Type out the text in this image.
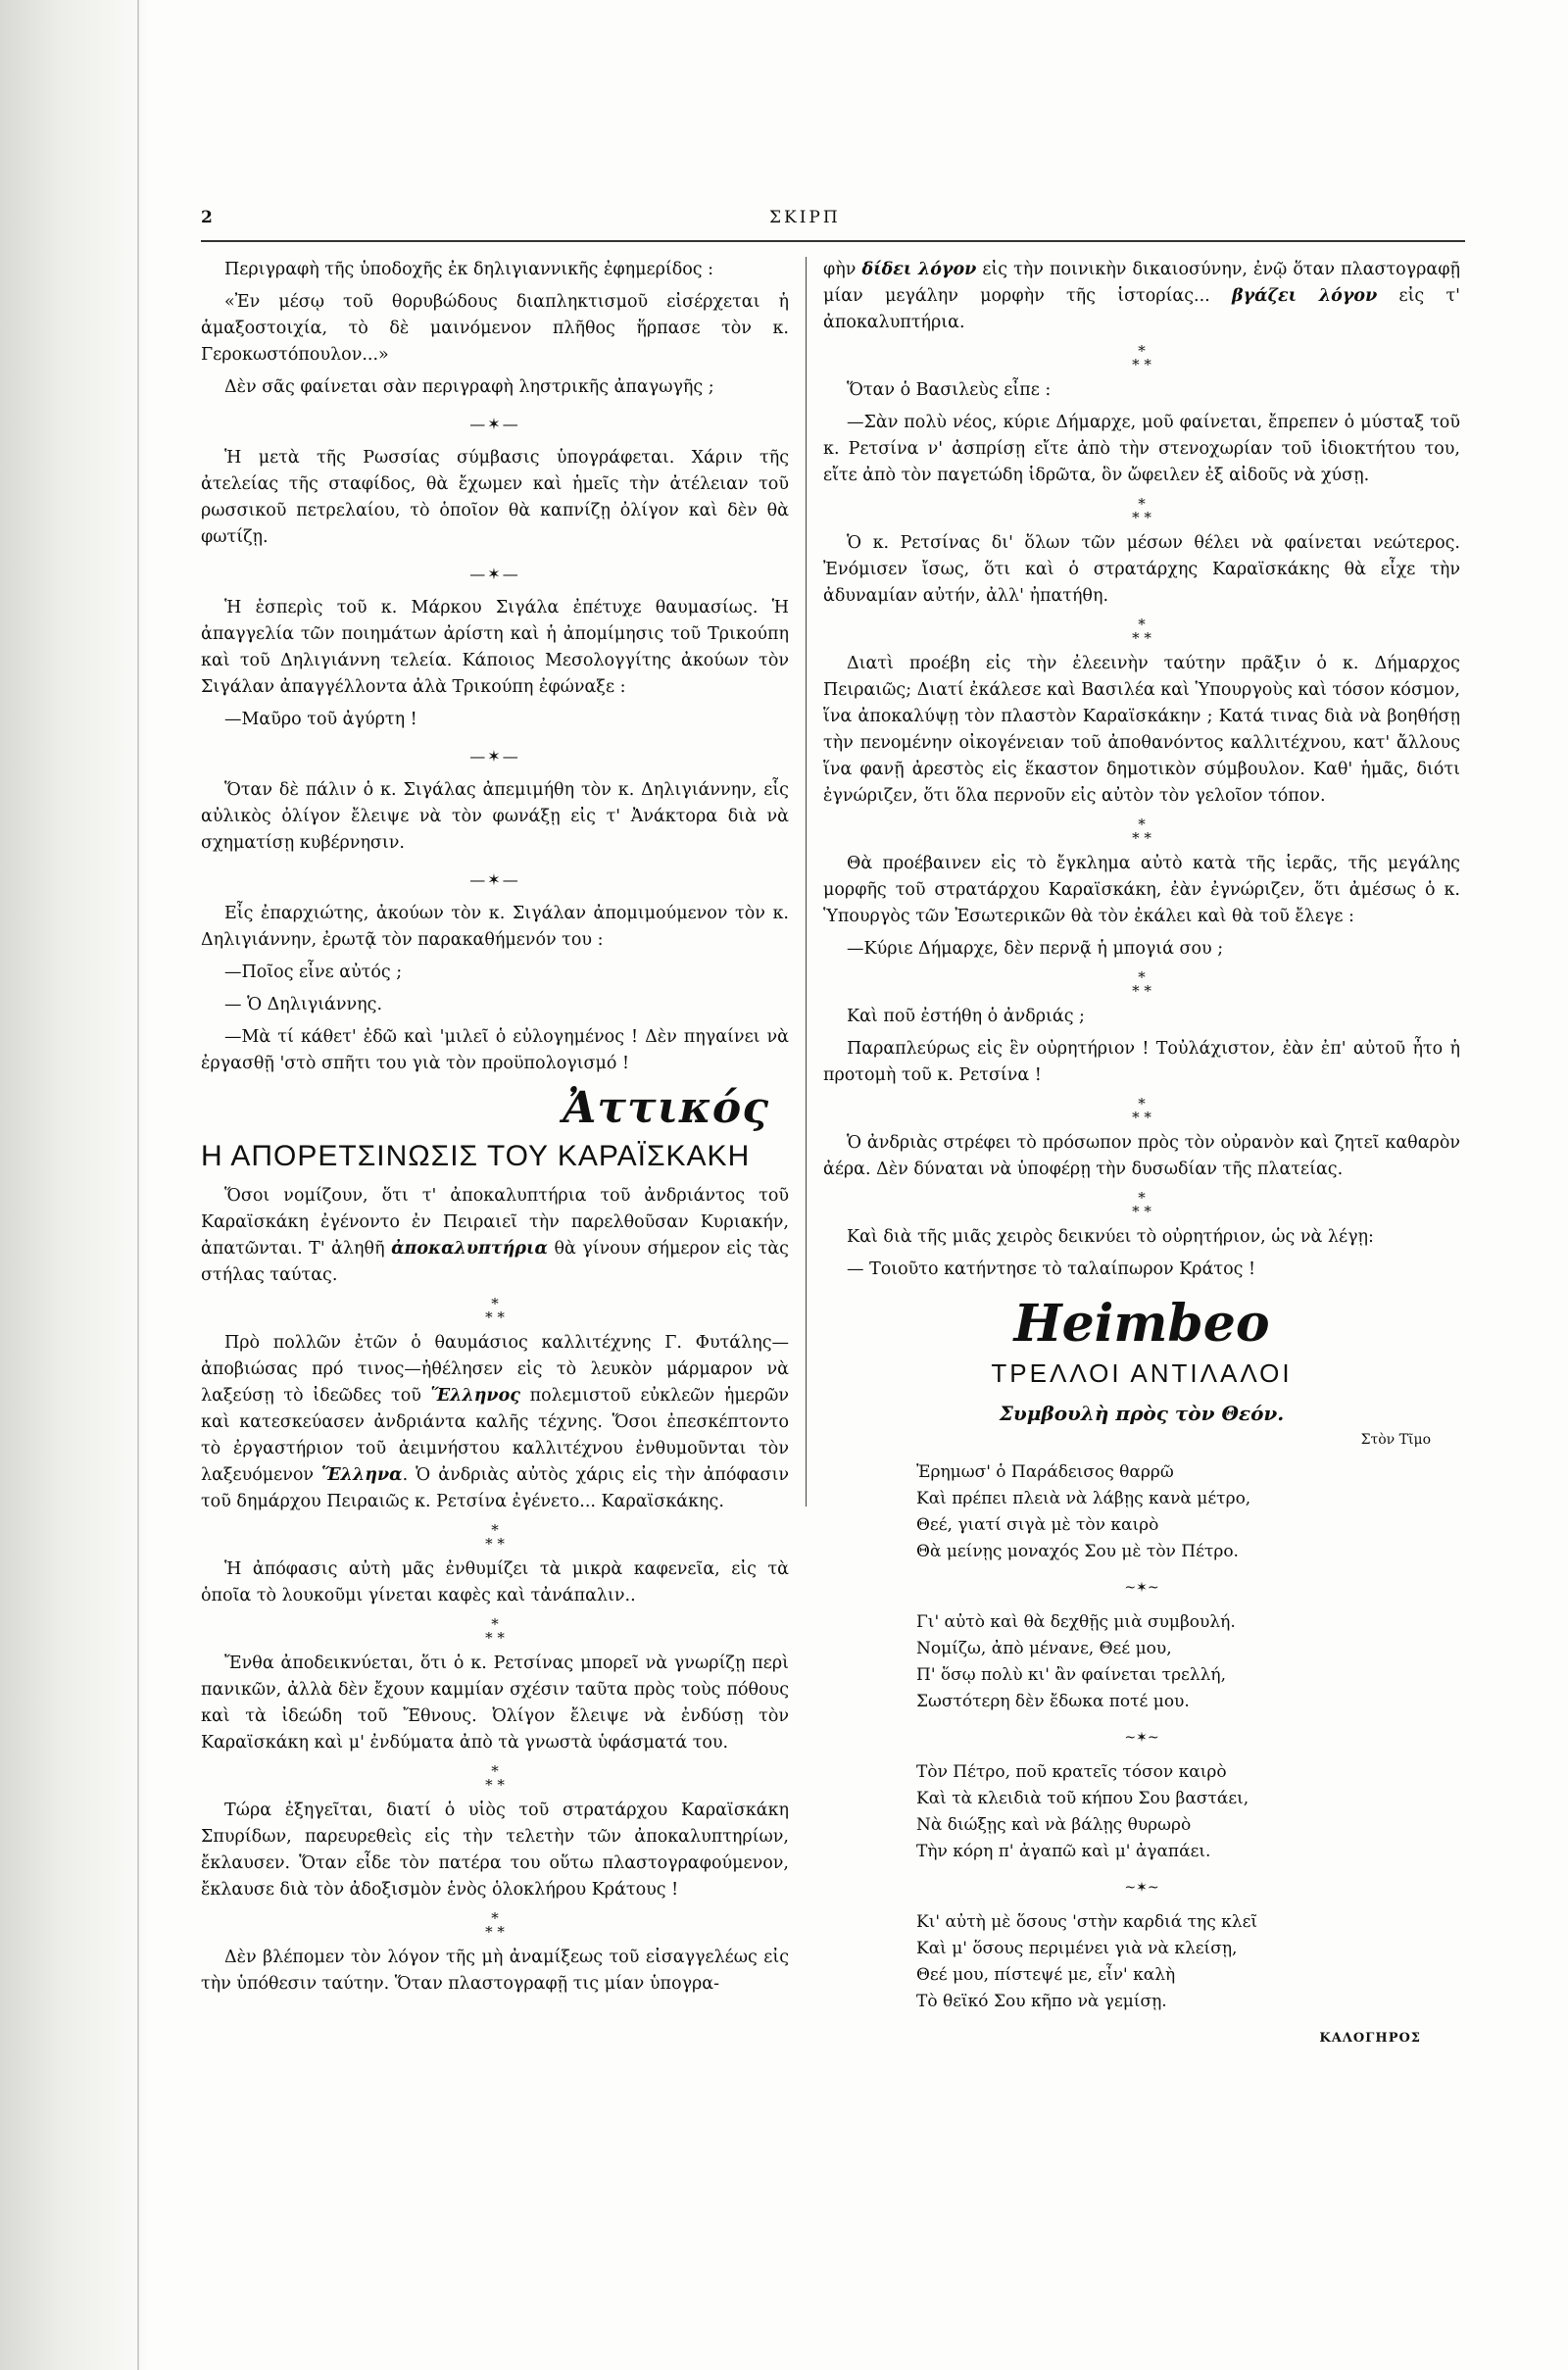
2	ΣΚΙΡΠ

Περιγραφὴ τῆς ὑποδοχῆς ἐκ δηλιγιαννικῆς ἐφημερίδος :

«Ἐν μέσῳ τοῦ θορυβώδους διαπληκτισμοῦ εἰσέρχεται ἡ ἁμαξοστοιχία, τὸ δὲ μαινόμενον πλῆθος ἥρπασε τὸν κ. Γεροκωστόπουλον...»

Δὲν σᾶς φαίνεται σὰν περιγραφὴ ληστρικῆς ἀπαγωγῆς ;

—✶—

Ἡ μετὰ τῆς Ρωσσίας σύμβασις ὑπογράφεται. Χάριν τῆς ἀτελείας τῆς σταφίδος, θὰ ἔχωμεν καὶ ἡμεῖς τὴν ἀτέλειαν τοῦ ρωσσικοῦ πετρελαίου, τὸ ὁποῖον θὰ καπνίζῃ ὀλίγον καὶ δὲν θὰ φωτίζῃ.

—✶—

Ἡ ἑσπερὶς τοῦ κ. Μάρκου Σιγάλα ἐπέτυχε θαυμασίως. Ἡ ἀπαγγελία τῶν ποιημάτων ἀρίστη καὶ ἡ ἀπομίμησις τοῦ Τρικούπη καὶ τοῦ Δηλιγιάννη τελεία. Κάποιος Μεσολογγίτης ἀκούων τὸν Σιγάλαν ἀπαγγέλλοντα ἀλὰ Τρικούπη ἐφώναξε :

—Μαῦρο τοῦ ἀγύρτη !

—✶—

Ὅταν δὲ πάλιν ὁ κ. Σιγάλας ἀπεμιμήθη τὸν κ. Δηλιγιάννην, εἷς αὐλικὸς ὀλίγον ἔλειψε νὰ τὸν φωνάξῃ εἰς τ' Ἀνάκτορα διὰ νὰ σχηματίσῃ κυβέρνησιν.

—✶—

Εἷς ἐπαρχιώτης, ἀκούων τὸν κ. Σιγάλαν ἀπομιμούμενον τὸν κ. Δηλιγιάννην, ἐρωτᾷ τὸν παρακαθήμενόν του :

—Ποῖος εἶνε αὐτός ;

— Ὁ Δηλιγιάννης.

—Μὰ τί κάθετ' ἐδῶ καὶ 'μιλεῖ ὁ εὐλογημένος ! Δὲν πηγαίνει νὰ ἐργασθῇ 'στὸ σπῆτι του γιὰ τὸν προϋπολογισμό !

Ἀττικός
Η ΑΠΟΡΕΤΣΙΝΩΣΙΣ ΤΟΥ ΚΑΡΑΪΣΚΑΚΗ

Ὅσοι νομίζουν, ὅτι τ' ἀποκαλυπτήρια τοῦ ἀνδριάντος τοῦ Καραϊσκάκη ἐγένοντο ἐν Πειραιεῖ τὴν παρελθοῦσαν Κυριακήν, ἀπατῶνται. Τ' ἀληθῆ ἀποκαλυπτήρια θὰ γίνουν σήμερον εἰς τὰς στήλας ταύτας.

*
* *

Πρὸ πολλῶν ἐτῶν ὁ θαυμάσιος καλλιτέχνης Γ. Φυτάλης—ἀποβιώσας πρό τινος—ἠθέλησεν εἰς τὸ λευκὸν μάρμαρον νὰ λαξεύσῃ τὸ ἰδεῶδες τοῦ Ἕλληνος πολεμιστοῦ εὐκλεῶν ἡμερῶν καὶ κατεσκεύασεν ἀνδριάντα καλῆς τέχνης. Ὅσοι ἐπεσκέπτοντο τὸ ἐργαστήριον τοῦ ἀειμνήστου καλλιτέχνου ἐνθυμοῦνται τὸν λαξευόμενον Ἕλληνα. Ὁ ἀνδριὰς αὐτὸς χάρις εἰς τὴν ἀπόφασιν τοῦ δημάρχου Πειραιῶς κ. Ρετσίνα ἐγένετο... Καραϊσκάκης.

*
* *

Ἡ ἀπόφασις αὐτὴ μᾶς ἐνθυμίζει τὰ μικρὰ καφενεῖα, εἰς τὰ ὁποῖα τὸ λουκοῦμι γίνεται καφὲς καὶ τἀνάπαλιν..

*
* *

Ἔνθα ἀποδεικνύεται, ὅτι ὁ κ. Ρετσίνας μπορεῖ νὰ γνωρίζῃ περὶ πανικῶν, ἀλλὰ δὲν ἔχουν καμμίαν σχέσιν ταῦτα πρὸς τοὺς πόθους καὶ τὰ ἰδεώδη τοῦ Ἔθνους. Ὀλίγον ἔλειψε νὰ ἐνδύσῃ τὸν Καραϊσκάκη καὶ μ' ἐνδύματα ἀπὸ τὰ γνωστὰ ὑφάσματά του.

*
* *

Τώρα ἐξηγεῖται, διατί ὁ υἱὸς τοῦ στρατάρχου Καραϊσκάκη Σπυρίδων, παρευρεθεὶς εἰς τὴν τελετὴν τῶν ἀποκαλυπτηρίων, ἔκλαυσεν. Ὅταν εἶδε τὸν πατέρα του οὕτω πλαστογραφούμενον, ἔκλαυσε διὰ τὸν ἀδοξισμὸν ἑνὸς ὁλοκλήρου Κράτους !

*
* *

Δὲν βλέπομεν τὸν λόγον τῆς μὴ ἀναμίξεως τοῦ εἰσαγγελέως εἰς τὴν ὑπόθεσιν ταύτην. Ὅταν πλαστογραφῇ τις μίαν ὑπογρα-

φὴν δίδει λόγον εἰς τὴν ποινικὴν δικαιοσύνην, ἐνῷ ὅταν πλαστογραφῇ μίαν μεγάλην μορφὴν τῆς ἱστορίας... βγάζει λόγον εἰς τ' ἀποκαλυπτήρια.

*
* *

Ὅταν ὁ Βασιλεὺς εἶπε :

—Σὰν πολὺ νέος, κύριε Δήμαρχε, μοῦ φαίνεται, ἔπρεπεν ὁ μύσταξ τοῦ κ. Ρετσίνα ν' ἀσπρίσῃ εἴτε ἀπὸ τὴν στενοχωρίαν τοῦ ἰδιοκτήτου του, εἴτε ἀπὸ τὸν παγετώδη ἱδρῶτα, ὃν ὤφειλεν ἐξ αἰδοῦς νὰ χύσῃ.

*
* *

Ὁ κ. Ρετσίνας δι' ὅλων τῶν μέσων θέλει νὰ φαίνεται νεώτερος. Ἐνόμισεν ἴσως, ὅτι καὶ ὁ στρατάρχης Καραϊσκάκης θὰ εἶχε τὴν ἀδυναμίαν αὐτήν, ἀλλ' ἠπατήθη.

*
* *

Διατὶ προέβη εἰς τὴν ἐλεεινὴν ταύτην πρᾶξιν ὁ κ. Δήμαρχος Πειραιῶς; Διατί ἐκάλεσε καὶ Βασιλέα καὶ Ὑπουργοὺς καὶ τόσον κόσμον, ἵνα ἀποκαλύψῃ τὸν πλαστὸν Καραϊσκάκην ; Κατά τινας διὰ νὰ βοηθήσῃ τὴν πενομένην οἰκογένειαν τοῦ ἀποθανόντος καλλιτέχνου, κατ' ἄλλους ἵνα φανῇ ἀρεστὸς εἰς ἕκαστον δημοτικὸν σύμβουλον. Καθ' ἡμᾶς, διότι ἐγνώριζεν, ὅτι ὅλα περνοῦν εἰς αὐτὸν τὸν γελοῖον τόπον.

*
* *

Θὰ προέβαινεν εἰς τὸ ἔγκλημα αὐτὸ κατὰ τῆς ἱερᾶς, τῆς μεγάλης μορφῆς τοῦ στρατάρχου Καραϊσκάκη, ἐὰν ἐγνώριζεν, ὅτι ἀμέσως ὁ κ. Ὑπουργὸς τῶν Ἐσωτερικῶν θὰ τὸν ἐκάλει καὶ θὰ τοῦ ἔλεγε :

—Κύριε Δήμαρχε, δὲν περνᾷ ἡ μπογιά σου ;

*
* *

Καὶ ποῦ ἐστήθη ὁ ἀνδριάς ;

Παραπλεύρως εἰς ἓν οὐρητήριον ! Τοὐλάχιστον, ἐὰν ἐπ' αὐτοῦ ἦτο ἡ προτομὴ τοῦ κ. Ρετσίνα !

*
* *

Ὁ ἀνδριὰς στρέφει τὸ πρόσωπον πρὸς τὸν οὐρανὸν καὶ ζητεῖ καθαρὸν ἀέρα. Δὲν δύναται νὰ ὑποφέρῃ τὴν δυσωδίαν τῆς πλατείας.

*
* *

Καὶ διὰ τῆς μιᾶς χειρὸς δεικνύει τὸ οὐρητήριον, ὡς νὰ λέγῃ:

— Τοιοῦτο κατήντησε τὸ ταλαίπωρον Κράτος !

Heimbeo
ΤΡΕΛΛΟΙ ΑΝΤΙΛΑΛΟΙ
Συμβουλὴ πρὸς τὸν Θεόν.
Στὸν Τῖμο
Ἐρημωσ' ὁ Παράδεισος θαρρῶ
Καὶ πρέπει πλειὰ νὰ λάβῃς κανὰ μέτρο,
Θεέ, γιατί σιγὰ μὲ τὸν καιρὸ
Θὰ μείνῃς μοναχός Σου μὲ τὸν Πέτρο.
~✶~
Γι' αὐτὸ καὶ θὰ δεχθῇς μιὰ συμβουλή.
Νομίζω, ἀπὸ μένανε, Θεέ μου,
Π' ὅσῳ πολὺ κι' ἂν φαίνεται τρελλή,
Σωστότερη δὲν ἔδωκα ποτέ μου.
~✶~
Τὸν Πέτρο, ποῦ κρατεῖς τόσον καιρὸ
Καὶ τὰ κλειδιὰ τοῦ κήπου Σου βαστάει,
Νὰ διώξῃς καὶ νὰ βάλῃς θυρωρὸ
Τὴν κόρη π' ἀγαπῶ καὶ μ' ἀγαπάει.
~✶~
Κι' αὐτὴ μὲ ὅσους 'στὴν καρδιά της κλεῖ
Καὶ μ' ὅσους περιμένει γιὰ νὰ κλείσῃ,
Θεέ μου, πίστεψέ με, εἶν' καλὴ
Τὸ θεϊκό Σου κῆπο νὰ γεμίσῃ.
ΚΑΛΟΓΗΡΟΣ
